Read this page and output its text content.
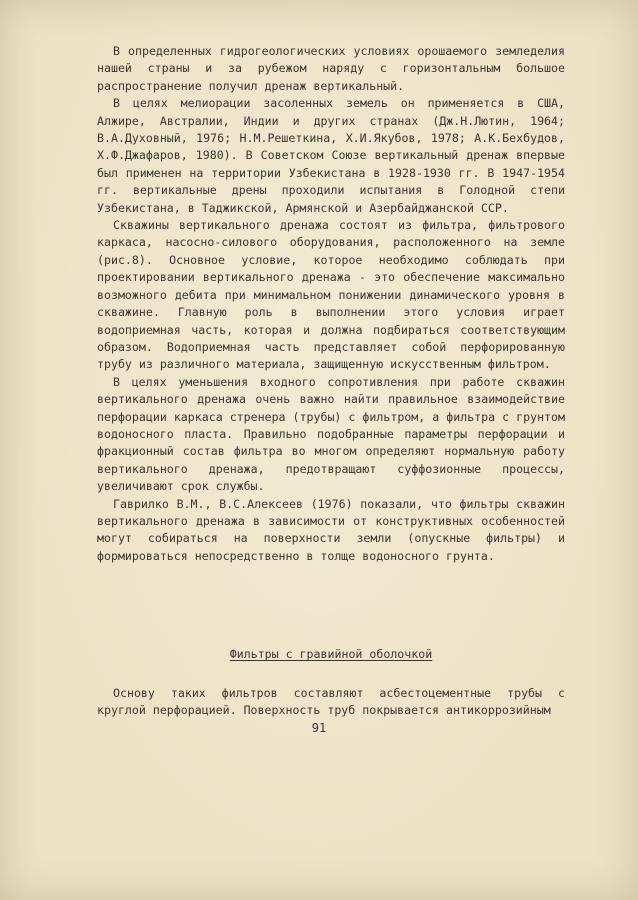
В определенных гидрогеологических условиях орошаемого земледелия нашей страны и за рубежом наряду с горизонтальным большое распространение получил дренаж вертикальный.

В целях мелиорации засоленных земель он применяется в США, Алжире, Австралии, Индии и других странах (Дж.Н.Лютин, 1964; В.А.Духовный, 1976; Н.М.Решеткина, Х.И.Якубов, 1978; А.К.Бехбудов, Х.Ф.Джафаров, 1980). В Советском Союзе вертикальный дренаж впервые был применен на территории Узбекистана в 1928-1930 гг. В 1947-1954 гг. вертикальные дрены проходили испытания в Голодной степи Узбекистана, в Таджикской, Армянской и Азербайджанской ССР.

Скважины вертикального дренажа состоят из фильтра, фильтрового каркаса, насосно-силового оборудования, расположенного на земле (рис.8). Основное условие, которое необходимо соблюдать при проектировании вертикального дренажа - это обеспечение максимально возможного дебита при минимальном понижении динамического уровня в скважине. Главную роль в выполнении этого условия играет водоприемная часть, которая и должна подбираться соответствующим образом. Водоприемная часть представляет собой перфорированную трубу из различного материала, защищенную искусственным фильтром.

В целях уменьшения входного сопротивления при работе скважин вертикального дренажа очень важно найти правильное взаимодействие перфорации каркаса стренера (трубы) с фильтром, а фильтра с грунтом водоносного пласта. Правильно подобранные параметры перфорации и фракционный состав фильтра во многом определяют нормальную работу вертикального дренажа, предотвращают суффозионные процессы, увеличивают срок службы.

Гаврилко В.М., В.С.Алексеев (1976) показали, что фильтры скважин вертикального дренажа в зависимости от конструктивных особенностей могут собираться на поверхности земли (опускные фильтры) и формироваться непосредственно в толще водоносного грунта.

Фильтры с гравийной оболочкой

Основу таких фильтров составляют асбестоцементные трубы с круглой перфорацией. Поверхность труб покрывается антикоррозийным

91
